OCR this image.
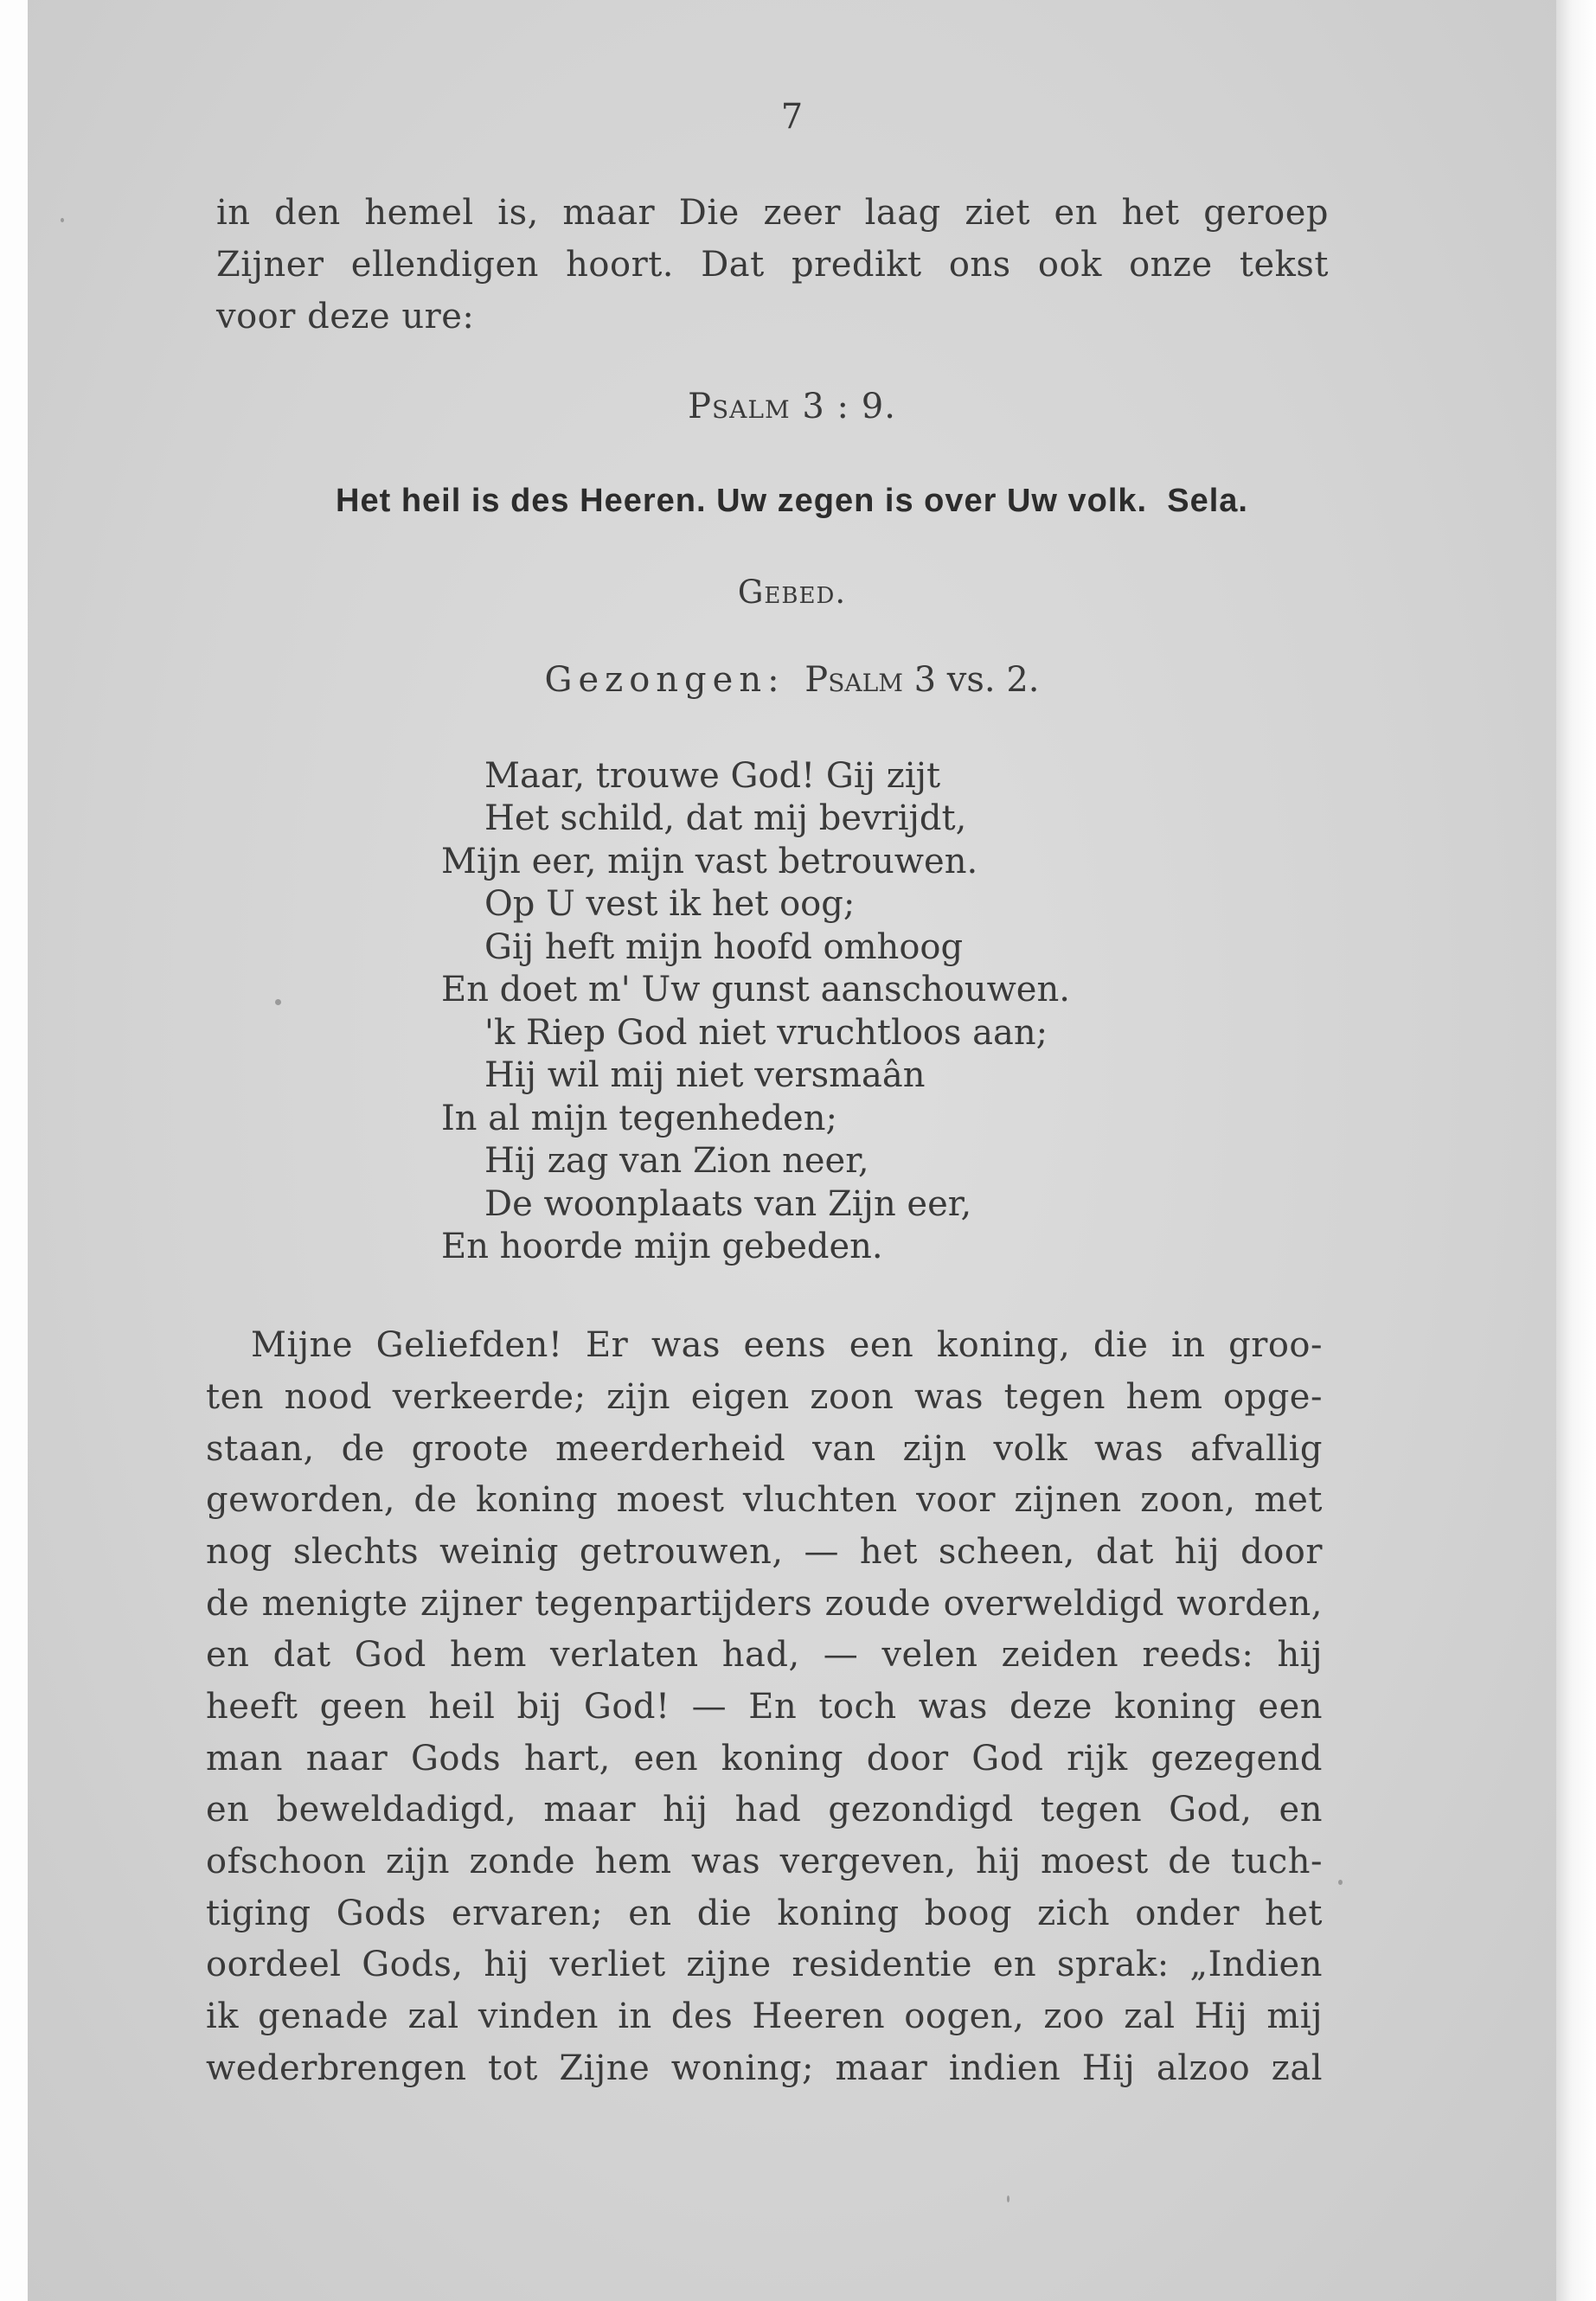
7
in den hemel is, maar Die zeer laag ziet en het geroep
Zijner ellendigen hoort. Dat predikt ons ook onze tekst
voor deze ure:
Psalm 3 : 9.
Het heil is des Heeren. Uw zegen is over Uw volk.  Sela.
Gebed.
Gezongen: Psalm 3 vs. 2.
Maar, trouwe God! Gij zijt
Het schild, dat mij bevrijdt,
Mijn eer, mijn vast betrouwen.
Op U vest ik het oog;
Gij heft mijn hoofd omhoog
En doet m' Uw gunst aanschouwen.
'k Riep God niet vruchtloos aan;
Hij wil mij niet versmaân
In al mijn tegenheden;
Hij zag van Zion neer,
De woonplaats van Zijn eer,
En hoorde mijn gebeden.
Mijne Geliefden! Er was eens een koning, die in groo-
ten nood verkeerde; zijn eigen zoon was tegen hem opge-
staan, de groote meerderheid van zijn volk was afvallig
geworden, de koning moest vluchten voor zijnen zoon, met
nog slechts weinig getrouwen, — het scheen, dat hij door
de menigte zijner tegenpartijders zoude overweldigd worden,
en dat God hem verlaten had, — velen zeiden reeds: hij
heeft geen heil bij God! — En toch was deze koning een
man naar Gods hart, een koning door God rijk gezegend
en beweldadigd, maar hij had gezondigd tegen God, en
ofschoon zijn zonde hem was vergeven, hij moest de tuch-
tiging Gods ervaren; en die koning boog zich onder het
oordeel Gods, hij verliet zijne residentie en sprak: „Indien
ik genade zal vinden in des Heeren oogen, zoo zal Hij mij
wederbrengen tot Zijne woning; maar indien Hij alzoo zal
